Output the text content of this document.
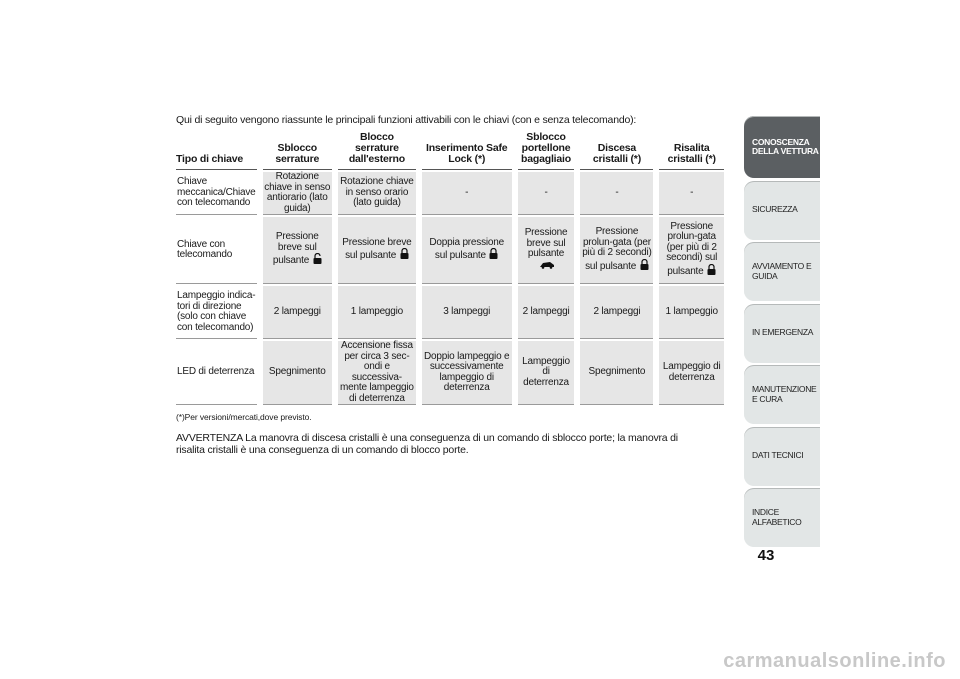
Qui di seguito vengono riassunte le principali funzioni attivabili con le chiavi (con e senza telecomando):
Tipo di chiave	Sblocco serrature	Blocco serrature dall'esterno	Inserimento Safe Lock (*)	Sblocco portellone bagagliaio	Discesa cristalli (*)	Risalita cristalli (*)
Chiave meccanica/Chiave con telecomando	Rotazione chiave in senso antiorario (lato guida)	Rotazione chiave in senso orario (lato guida)	-	-	-	-
Chiave con telecomando	Pressione breve sul pulsante	Pressione breve sul pulsante	Doppia pressione sul pulsante	Pressione breve sul pulsante	Pressione prolun-gata (per più di 2 secondi) sul pulsante	Pressione prolun-gata (per più di 2 secondi) sul pulsante
Lampeggio indica-tori di direzione (solo con chiave con telecomando)	2 lampeggi	1 lampeggio	3 lampeggi	2 lampeggi	2 lampeggi	1 lampeggio
LED di deterrenza	Spegnimento	Accensione fissa per circa 3 sec-ondi e successiva-mente lampeggio di deterrenza	Doppio lampeggio e successivamente lampeggio di deterrenza	Lampeggio di deterrenza	Spegnimento	Lampeggio di deterrenza
(*)Per versioni/mercati,dove previsto.
AVVERTENZA La manovra di discesa cristalli è una conseguenza di un comando di sblocco porte; la manovra di risalita cristalli è una conseguenza di un comando di blocco porte.
CONOSCENZA DELLA VETTURA
SICUREZZA
AVVIAMENTO E GUIDA
IN EMERGENZA
MANUTENZIONE E CURA
DATI TECNICI
INDICE ALFABETICO
43
carmanualsonline.info
